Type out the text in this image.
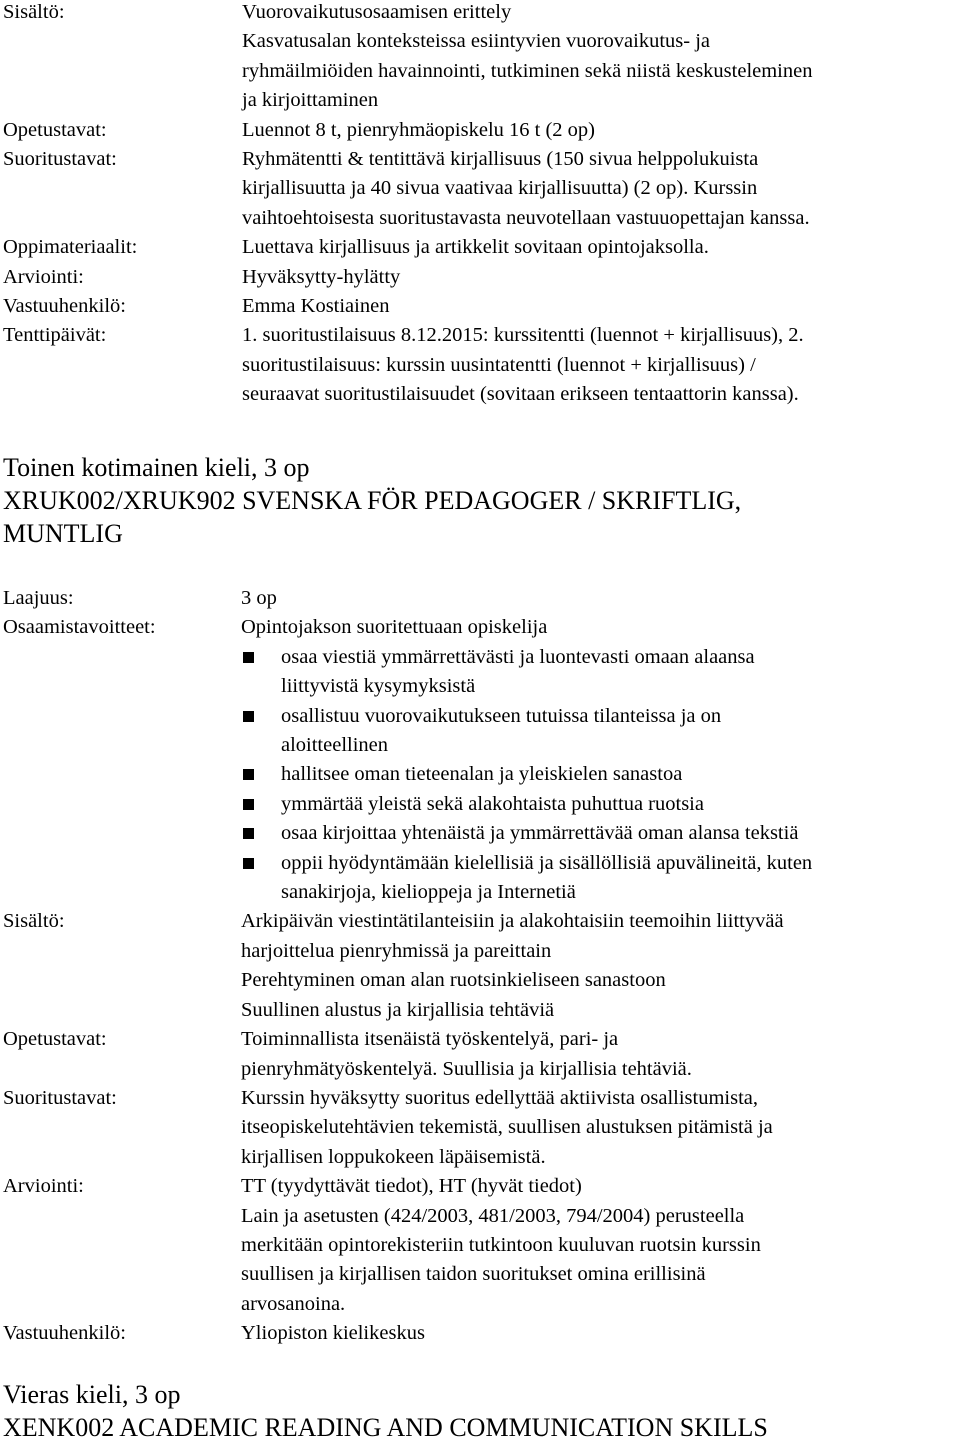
Sisältö:	Vuorovaikutusosaamisen erittely
Kasvatusalan konteksteissa esiintyvien vuorovaikutus- ja
ryhmäilmiöiden havainnointi, tutkiminen sekä niistä keskusteleminen
ja kirjoittaminen
Opetustavat:	Luennot 8 t, pienryhmäopiskelu 16 t (2 op)
Suoritustavat:	Ryhmätentti & tentittävä kirjallisuus (150 sivua helppolukuista
kirjallisuutta ja 40 sivua vaativaa kirjallisuutta) (2 op). Kurssin
vaihtoehtoisesta suoritustavasta neuvotellaan vastuuopettajan kanssa.
Oppimateriaalit:	Luettava kirjallisuus ja artikkelit sovitaan opintojaksolla.
Arviointi:	Hyväksytty-hylätty
Vastuuhenkilö:	Emma Kostiainen
Tenttipäivät:	1. suoritustilaisuus 8.12.2015: kurssitentti (luennot + kirjallisuus), 2.
suoritustilaisuus: kurssin uusintatentti (luennot + kirjallisuus) /
seuraavat suoritustilaisuudet (sovitaan erikseen tentaattorin kanssa).
Toinen kotimainen kieli, 3 op
XRUK002/XRUK902 SVENSKA FÖR PEDAGOGER / SKRIFTLIG,
MUNTLIG
Laajuus:	3 op
Osaamistavoitteet:	Opintojakson suoritettuaan opiskelija
osaa viestiä ymmärrettävästi ja luontevasti omaan alaansa
liittyvistä kysymyksistä
osallistuu vuorovaikutukseen tutuissa tilanteissa ja on
aloitteellinen
hallitsee oman tieteenalan ja yleiskielen sanastoa
ymmärtää yleistä sekä alakohtaista puhuttua ruotsia
osaa kirjoittaa yhtenäistä ja ymmärrettävää oman alansa tekstiä
oppii hyödyntämään kielellisiä ja sisällöllisiä apuvälineitä, kuten
sanakirjoja, kielioppeja ja Internetiä
Sisältö:	Arkipäivän viestintätilanteisiin ja alakohtaisiin teemoihin liittyvää
harjoittelua pienryhmissä ja pareittain
Perehtyminen oman alan ruotsinkieliseen sanastoon
Suullinen alustus ja kirjallisia tehtäviä
Opetustavat:	Toiminnallista itsenäistä työskentelyä, pari- ja
pienryhmätyöskentelyä. Suullisia ja kirjallisia tehtäviä.
Suoritustavat:	Kurssin hyväksytty suoritus edellyttää aktiivista osallistumista,
itseopiskelutehtävien tekemistä, suullisen alustuksen pitämistä ja
kirjallisen loppukokeen läpäisemistä.
Arviointi:	TT (tyydyttävät tiedot), HT (hyvät tiedot)
Lain ja asetusten (424/2003, 481/2003, 794/2004) perusteella
merkitään opintorekisteriin tutkintoon kuuluvan ruotsin kurssin
suullisen ja kirjallisen taidon suoritukset omina erillisinä
arvosanoina.
Vastuuhenkilö:	Yliopiston kielikeskus
Vieras kieli, 3 op
XENK002 ACADEMIC READING AND COMMUNICATION SKILLS
